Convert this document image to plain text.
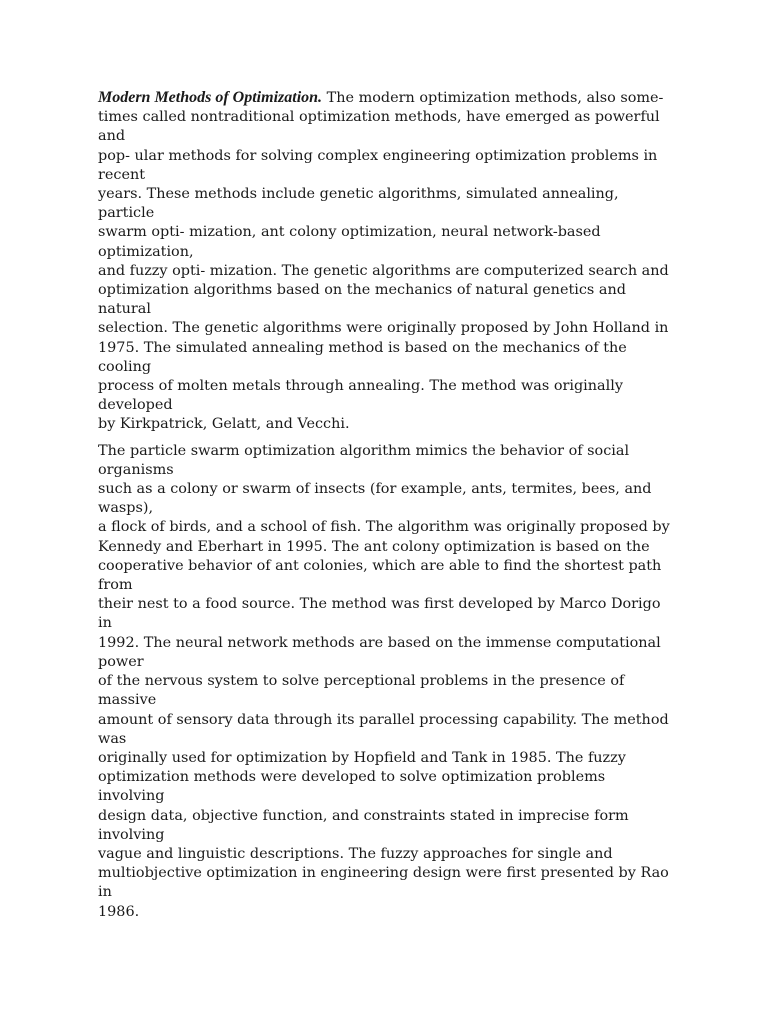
Modern Methods of Optimization. The modern optimization methods, also some-
times called nontraditional optimization methods, have emerged as powerful and
pop- ular methods for solving complex engineering optimization problems in recent
years. These methods include genetic algorithms, simulated annealing, particle
swarm opti- mization, ant colony optimization, neural network-based optimization,
and fuzzy opti- mization. The genetic algorithms are computerized search and
optimization algorithms based on the mechanics of natural genetics and natural
selection. The genetic algorithms were originally proposed by John Holland in
1975. The simulated annealing method is based on the mechanics of the cooling
process of molten metals through annealing. The method was originally developed
by Kirkpatrick, Gelatt, and Vecchi.

The particle swarm optimization algorithm mimics the behavior of social organisms
such as a colony or swarm of insects (for example, ants, termites, bees, and wasps),
a flock of birds, and a school of fish. The algorithm was originally proposed by
Kennedy and Eberhart in 1995. The ant colony optimization is based on the
cooperative behavior of ant colonies, which are able to find the shortest path from
their nest to a food source. The method was first developed by Marco Dorigo in
1992. The neural network methods are based on the immense computational power
of the nervous system to solve perceptional problems in the presence of massive
amount of sensory data through its parallel processing capability. The method was
originally used for optimization by Hopfield and Tank in 1985. The fuzzy
optimization methods were developed to solve optimization problems involving
design data, objective function, and constraints stated in imprecise form involving
vague and linguistic descriptions. The fuzzy approaches for single and
multiobjective optimization in engineering design were first presented by Rao in
1986.
